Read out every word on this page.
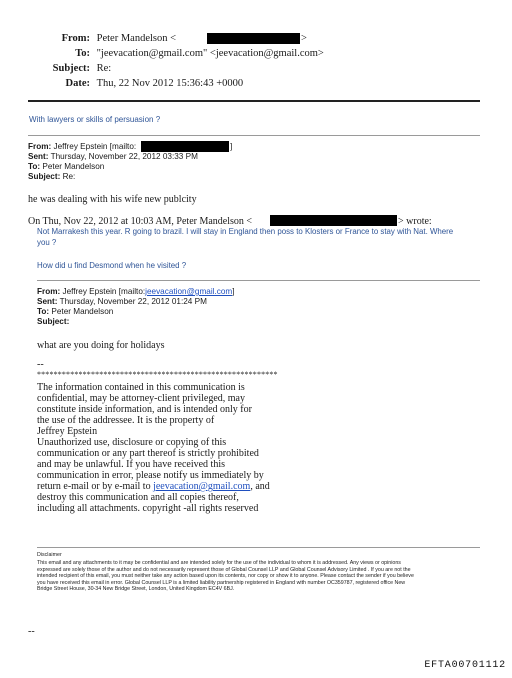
From: Peter Mandelson <	>
To: "jeevacation@gmail.com" <jeevacation@gmail.com>
Subject: Re:
Date: Thu, 22 Nov 2012 15:36:43 +0000
With lawyers or skills of persuasion ?
From: Jeffrey Epstein [mailto:	]
Sent: Thursday, November 22, 2012 03:33 PM
To: Peter Mandelson
Subject: Re:
he was dealing with his wife new publcity
On Thu, Nov 22, 2012 at 10:03 AM, Peter Mandelson <	> wrote:
Not Marrakesh this year. R going to brazil. I will stay in England then poss to Klosters or France to stay with Nat. Where
you ?
How did u find Desmond when he visited ?
From: Jeffrey Epstein [mailto:jeevacation@gmail.com]
Sent: Thursday, November 22, 2012 01:24 PM
To: Peter Mandelson
Subject:
what are you doing for holidays
--
**********************************************************
The information contained in this communication is
confidential, may be attorney-client privileged, may
constitute inside information, and is intended only for
the use of the addressee. It is the property of
Jeffrey Epstein
Unauthorized use, disclosure or copying of this
communication or any part thereof is strictly prohibited
and may be unlawful. If you have received this
communication in error, please notify us immediately by
return e-mail or by e-mail to jeevacation@gmail.com, and
destroy this communication and all copies thereof,
including all attachments. copyright -all rights reserved
Disclaimer
This email and any attachments to it may be confidential and are intended solely for the use of the individual to whom it is addressed. Any views or opinions
expressed are solely those of the author and do not necessarily represent those of Global Counsel LLP and Global Counsel Advisory Limited . If you are not the
intended recipient of this email, you must neither take any action based upon its contents, nor copy or show it to anyone. Please contact the sender if you believe
you have received this email in error. Global Counsel LLP is a limited liability partnership registered in England with number OC359787, registered office New
Bridge Street House, 30-34 New Bridge Street, London, United Kingdom EC4V 6BJ.
--
EFTA00701112
